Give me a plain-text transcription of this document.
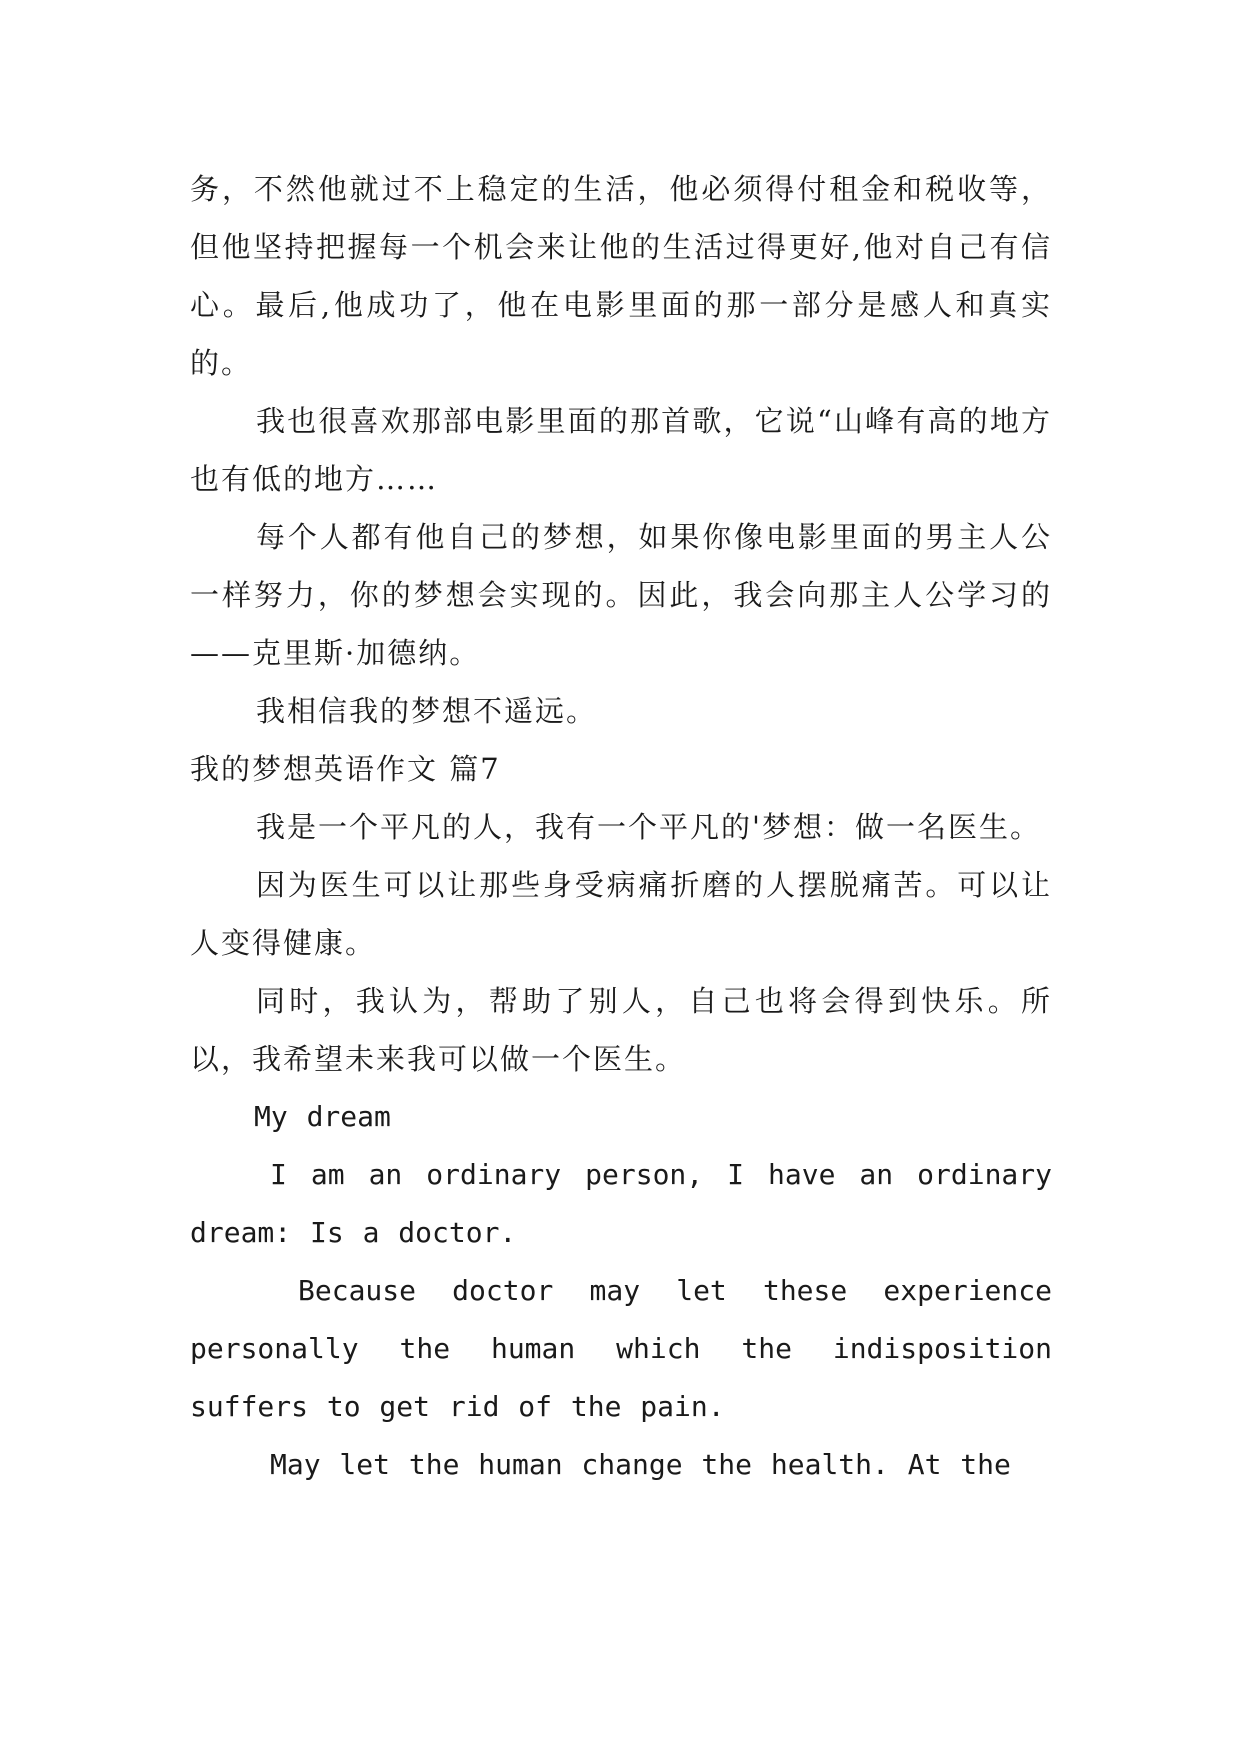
务，不然他就过不上稳定的生活，他必须得付租金和税收等，但他坚持把握每一个机会来让他的生活过得更好,他对自己有信心。最后,他成功了，他在电影里面的那一部分是感人和真实的。

我也很喜欢那部电影里面的那首歌，它说“山峰有高的地方也有低的地方……

每个人都有他自己的梦想，如果你像电影里面的男主人公一样努力，你的梦想会实现的。因此，我会向那主人公学习的——克里斯·加德纳。

我相信我的梦想不遥远。

我的梦想英语作文 篇7

我是一个平凡的人，我有一个平凡的'梦想：做一名医生。

因为医生可以让那些身受病痛折磨的人摆脱痛苦。可以让人变得健康。

同时，我认为，帮助了别人，自己也将会得到快乐。所以，我希望未来我可以做一个医生。

My dream

I am an ordinary person, I have an ordinary dream: Is a doctor.

Because doctor may let these experience personally the human which the indisposition suffers to get rid of the pain.

May let the human change the health. At the
